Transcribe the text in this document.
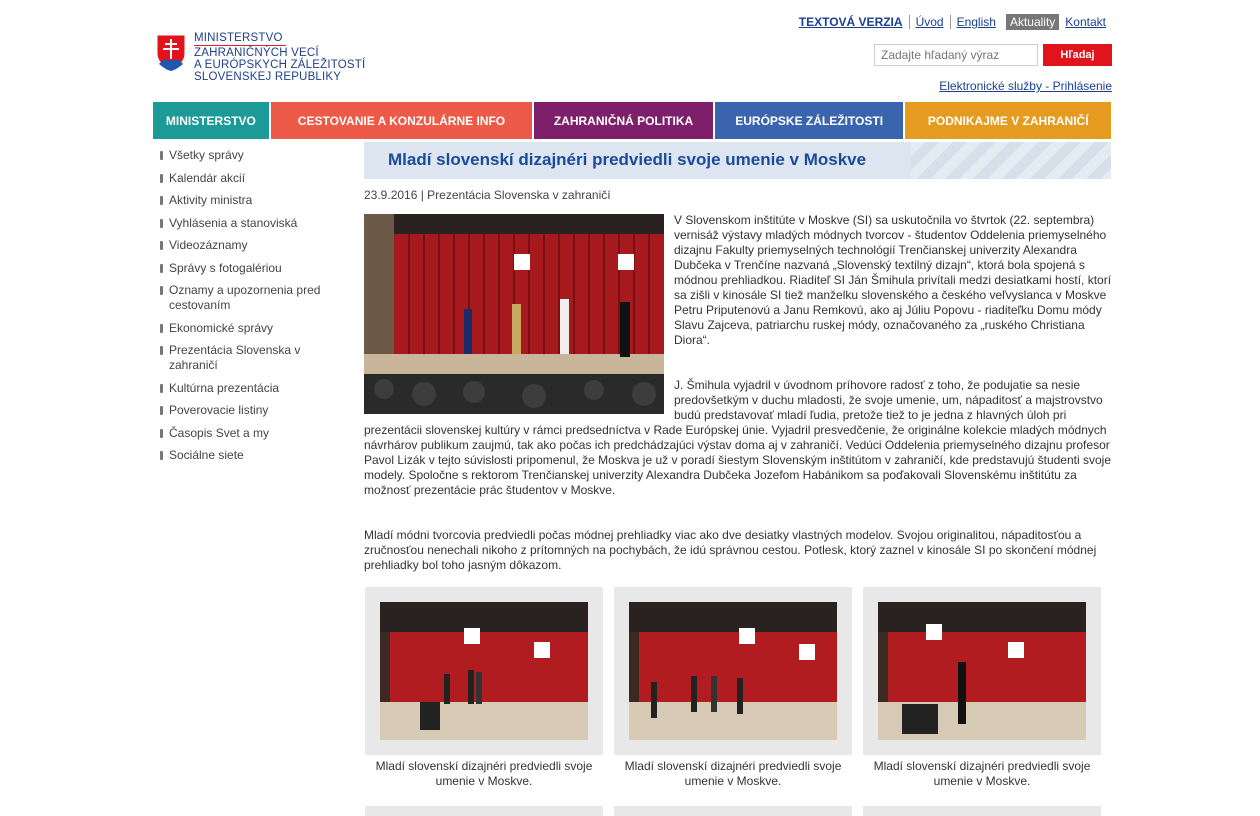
MINISTERSTVO
ZAHRANIČNÝCH VECÍ
A EURÓPSKYCH ZÁLEŽITOSTÍ
SLOVENSKEJ REPUBLIKY
TEXTOVÁ VERZIA	Úvod	English	Aktuality Kontakt
Zadajte hľadaný výraz
Hľadaj
Elektronické služby - Prihlásenie
MINISTERSTVO	CESTOVANIE A KONZULÁRNE INFO	ZAHRANIČNÁ POLITIKA	EURÓPSKE ZÁLEŽITOSTI	PODNIKAJME V ZAHRANIČÍ
Všetky správy
Kalendár akcií
Aktivity ministra
Vyhlásenia a stanoviská
Videozáznamy
Správy s fotogalériou
Oznamy a upozornenia pred cestovaním
Ekonomické správy
Prezentácia Slovenska v zahraničí
Kultúrna prezentácia
Poverovacie listiny
Časopis Svet a my
Sociálne siete
Mladí slovenskí dizajnéri predviedli svoje umenie v Moskve
23.9.2016 | Prezentácia Slovenska v zahraničí
V Slovenskom inštitúte v Moskve (SI) sa uskutočnila vo štvrtok (22. septembra) vernisáž výstavy mladých módnych tvorcov - študentov Oddelenia priemyselného dizajnu Fakulty priemyselných technológií Trenčianskej univerzity Alexandra Dubčeka v Trenčíne nazvaná „Slovenský textilný dizajn“, ktorá bola spojená s módnou prehliadkou. Riaditeľ SI Ján Šmihula privítali medzi desiatkami hostí, ktorí sa zišli v kinosále SI tiež manželku slovenského a českého veľvyslanca v Moskve Petru Priputenovú a Janu Remkovú, ako aj Júliu Popovu - riaditeľku Domu módy Slavu Zajceva, patriarchu ruskej módy, označovaného za „ruského Christiana Diora“.
J. Šmihula vyjadril v úvodnom príhovore radosť z toho, že podujatie sa nesie predovšetkým v duchu mladosti, že svoje umenie, um, nápaditosť a majstrovstvo budú predstavovať mladí ľudia, pretože tiež to je jedna z hlavných úloh pri prezentácii slovenskej kultúry v rámci predsedníctva v Rade Európskej únie. Vyjadril presvedčenie, že originálne kolekcie mladých módnych návrhárov publikum zaujmú, tak ako počas ich predchádzajúci výstav doma aj v zahraničí. Vedúci Oddelenia priemyselného dizajnu profesor Pavol Lizák v tejto súvislosti pripomenul, že Moskva je už v poradí šiestym Slovenským inštitútom v zahraničí, kde predstavujú študenti svoje modely. Spoločne s rektorom Trenčianskej univerzity Alexandra Dubčeka Jozefom Habánikom sa poďakovali Slovenskému inštitútu za možnosť prezentácie prác študentov v Moskve.
Mladí módni tvorcovia predviedli počas módnej prehliadky viac ako dve desiatky vlastných modelov. Svojou originalitou, nápaditosťou a zručnosťou nenechali nikoho z prítomných na pochybách, že idú správnou cestou. Potlesk, ktorý zaznel v kinosále SI po skončení módnej prehliadky bol toho jasným dôkazom.
Mladí slovenskí dizajnéri predviedli svoje umenie v Moskve.
Mladí slovenskí dizajnéri predviedli svoje umenie v Moskve.
Mladí slovenskí dizajnéri predviedli svoje umenie v Moskve.
